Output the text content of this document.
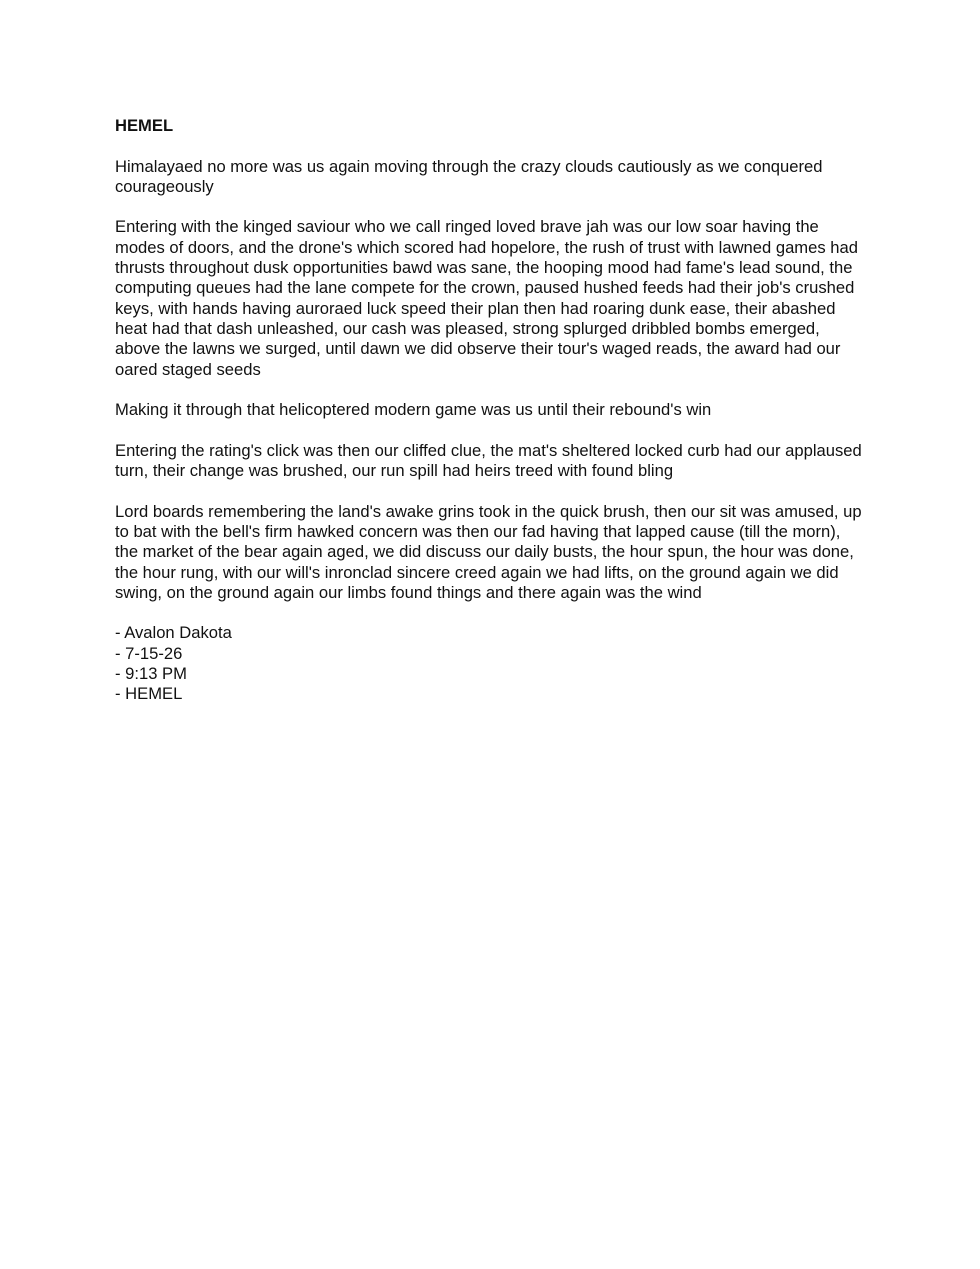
HEMEL
Himalayaed no more was us again moving through the crazy clouds cautiously as we conquered courageously
Entering with the kinged saviour who we call ringed loved brave jah was our low soar having the modes of doors, and the drone's which scored had hopelore, the rush of trust with lawned games had thrusts throughout dusk opportunities bawd was sane, the hooping mood had fame's lead sound, the computing queues had the lane compete for the crown, paused hushed feeds had their job's crushed keys, with hands having auroraed luck speed their plan then had roaring dunk ease, their abashed heat had that dash unleashed, our cash was pleased, strong splurged dribbled bombs emerged, above the lawns we surged, until dawn we did observe their tour's waged reads, the award had our oared staged seeds
Making it through that helicoptered modern game was us until their rebound's win
Entering the rating's click was then our cliffed clue, the mat's sheltered locked curb had our applaused turn, their change was brushed, our run spill had heirs treed with found bling
Lord boards remembering the land's awake grins took in the quick brush, then our sit was amused, up to bat with the bell's firm hawked concern was then our fad having that lapped cause (till the morn), the market of the bear again aged, we did discuss our daily busts, the hour spun, the hour was done, the hour rung, with our will's inronclad sincere creed again we had lifts, on the ground again we did swing, on the ground again our limbs found things and there again was the wind
- Avalon Dakota
- 7-15-26
- 9:13 PM
- HEMEL
